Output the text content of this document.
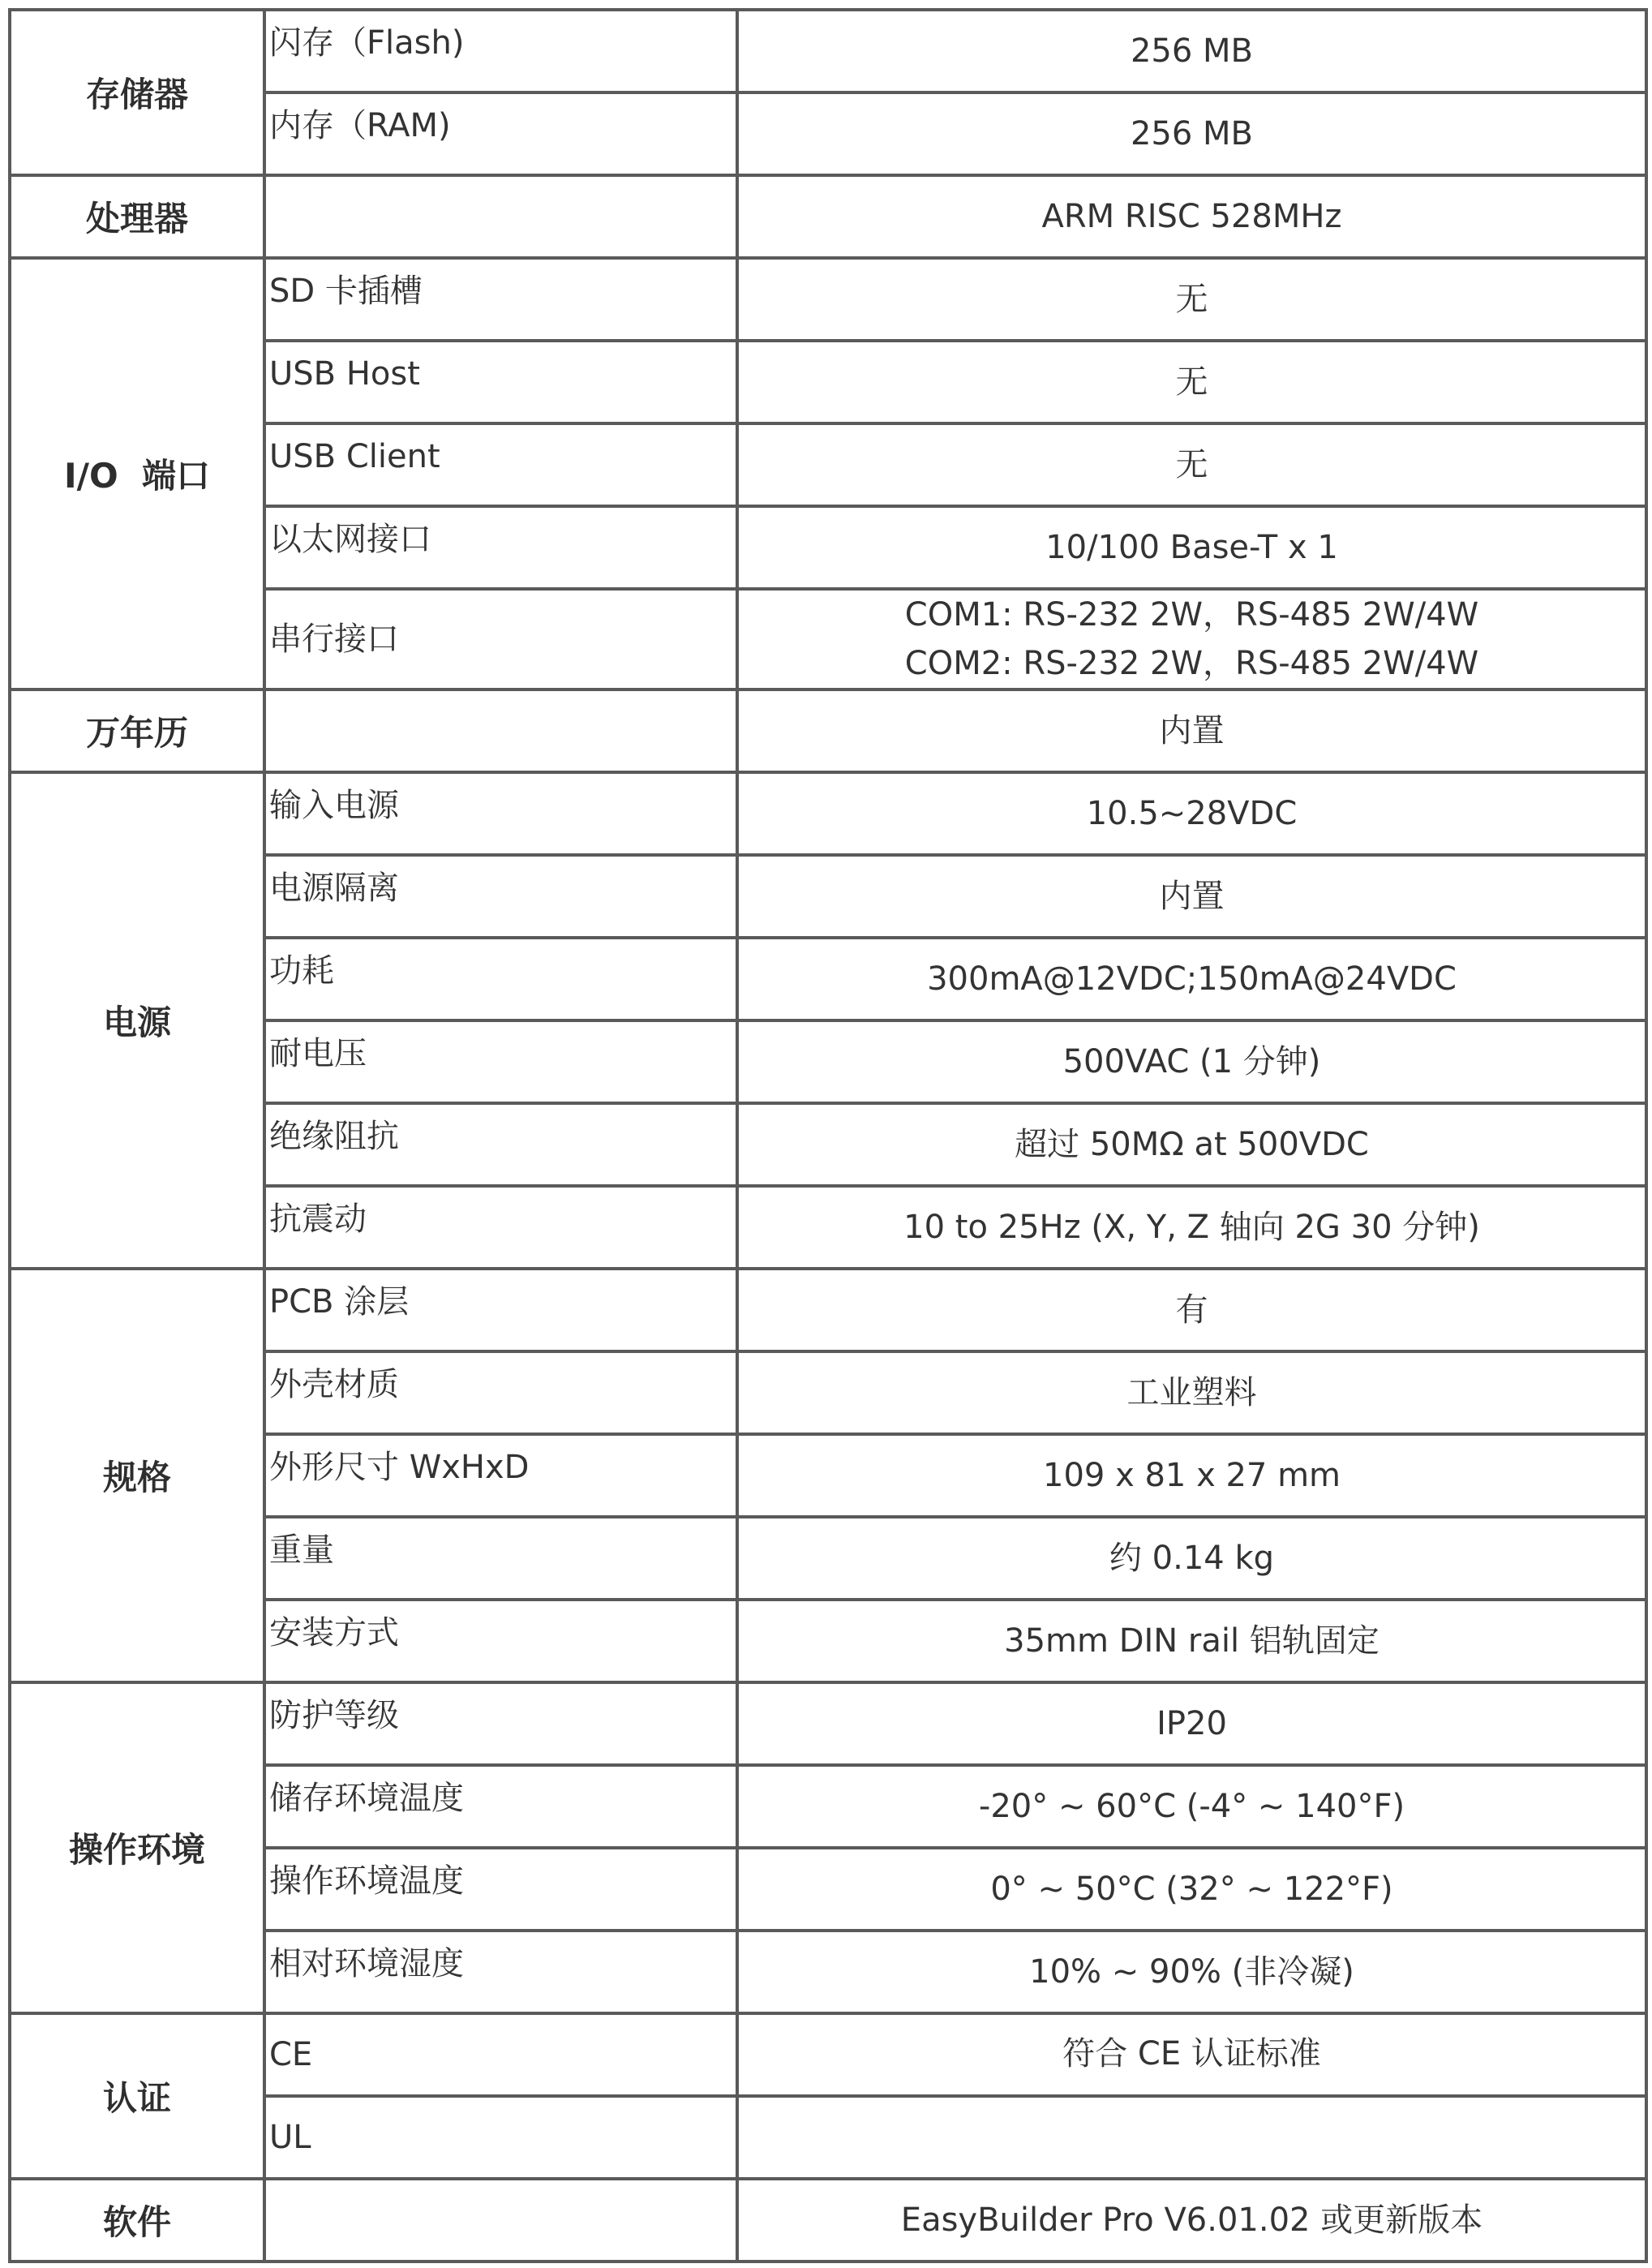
存储器	闪存（Flash)	256 MB
	内存（RAM)	256 MB
处理器		ARM RISC 528MHz
I/O  端口	SD 卡插槽	无
	USB Host	无
	USB Client	无
	以太网接口	10/100 Base-T x 1
	串行接口	COM1: RS-232 2W，RS-485 2W/4W
COM2: RS-232 2W，RS-485 2W/4W

万年历		内置
电源	输入电源	10.5~28VDC
	电源隔离	内置
	功耗	300mA@12VDC;150mA@24VDC
	耐电压	500VAC (1 分钟)
	绝缘阻抗	超过 50MΩ at 500VDC
	抗震动	10 to 25Hz (X, Y, Z 轴向 2G 30 分钟)
规格	PCB 涂层	有
	外壳材质	工业塑料
	外形尺寸 WxHxD	109 x 81 x 27 mm
	重量	约 0.14 kg
	安装方式	35mm DIN rail 铝轨固定
操作环境	防护等级	IP20
	储存环境温度	-20° ~ 60°C (-4° ~ 140°F)
	操作环境温度	0° ~ 50°C (32° ~ 122°F)
	相对环境湿度	10% ~ 90% (非冷凝)
认证	CE	符合 CE 认证标准
	UL	
软件		EasyBuilder Pro V6.01.02 或更新版本
